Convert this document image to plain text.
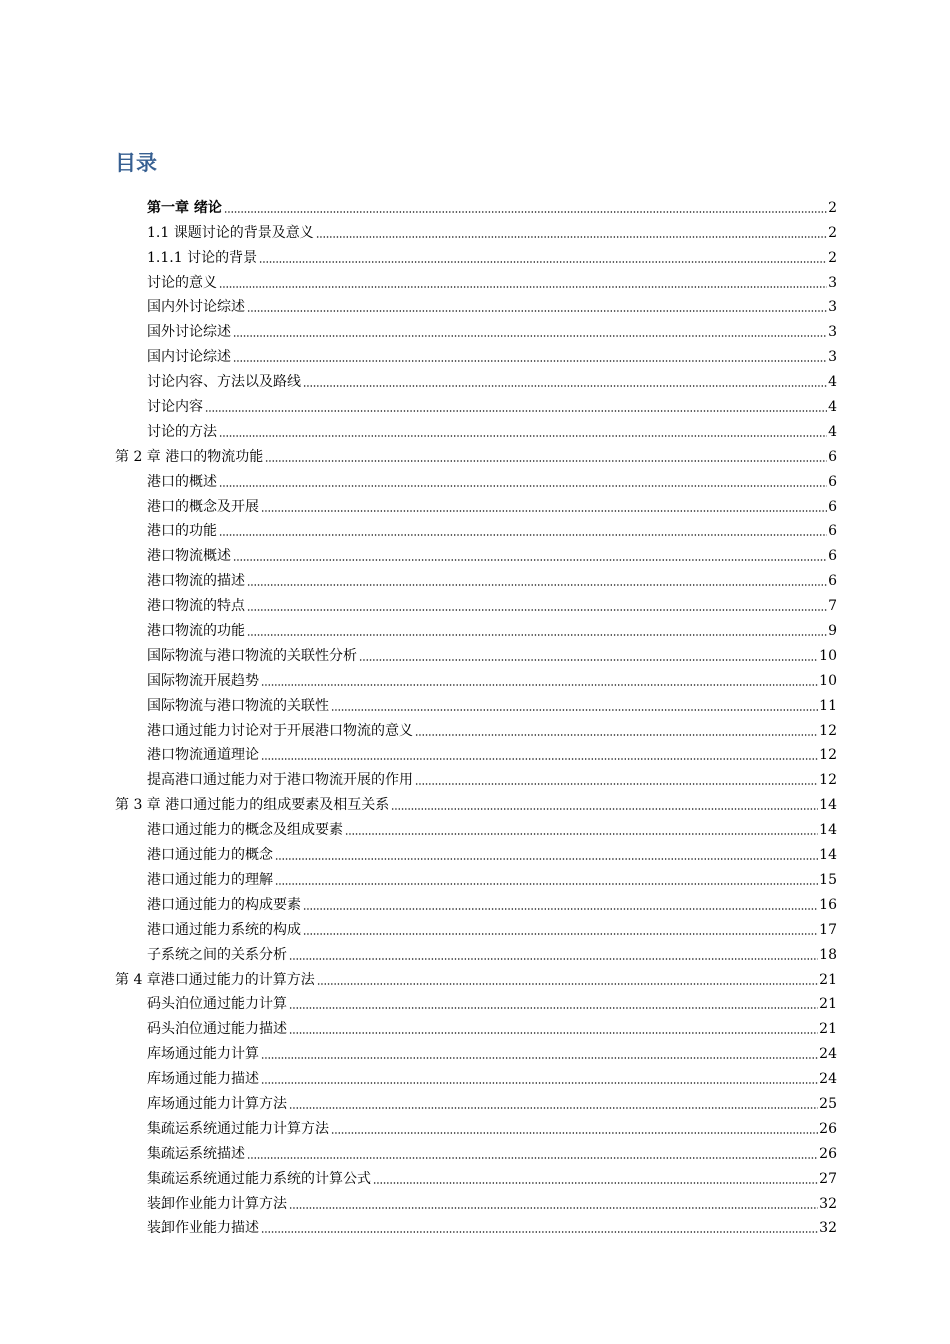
目录
第一章 绪论	2
1.1 课题讨论的背景及意义	2
1.1.1 讨论的背景	2
讨论的意义	3
国内外讨论综述	3
国外讨论综述	3
国内讨论综述	3
讨论内容、方法以及路线	4
讨论内容	4
讨论的方法	4
第 2 章 港口的物流功能	6
港口的概述	6
港口的概念及开展	6
港口的功能	6
港口物流概述	6
港口物流的描述	6
港口物流的特点	7
港口物流的功能	9
国际物流与港口物流的关联性分析	10
国际物流开展趋势	10
国际物流与港口物流的关联性	11
港口通过能力讨论对于开展港口物流的意义	12
港口物流通道理论	12
提高港口通过能力对于港口物流开展的作用	12
第 3 章 港口通过能力的组成要素及相互关系	14
港口通过能力的概念及组成要素	14
港口通过能力的概念	14
港口通过能力的理解	15
港口通过能力的构成要素	16
港口通过能力系统的构成	17
子系统之间的关系分析	18
第 4 章港口通过能力的计算方法	21
码头泊位通过能力计算	21
码头泊位通过能力描述	21
库场通过能力计算	24
库场通过能力描述	24
库场通过能力计算方法	25
集疏运系统通过能力计算方法	26
集疏运系统描述	26
集疏运系统通过能力系统的计算公式	27
装卸作业能力计算方法	32
装卸作业能力描述	32
